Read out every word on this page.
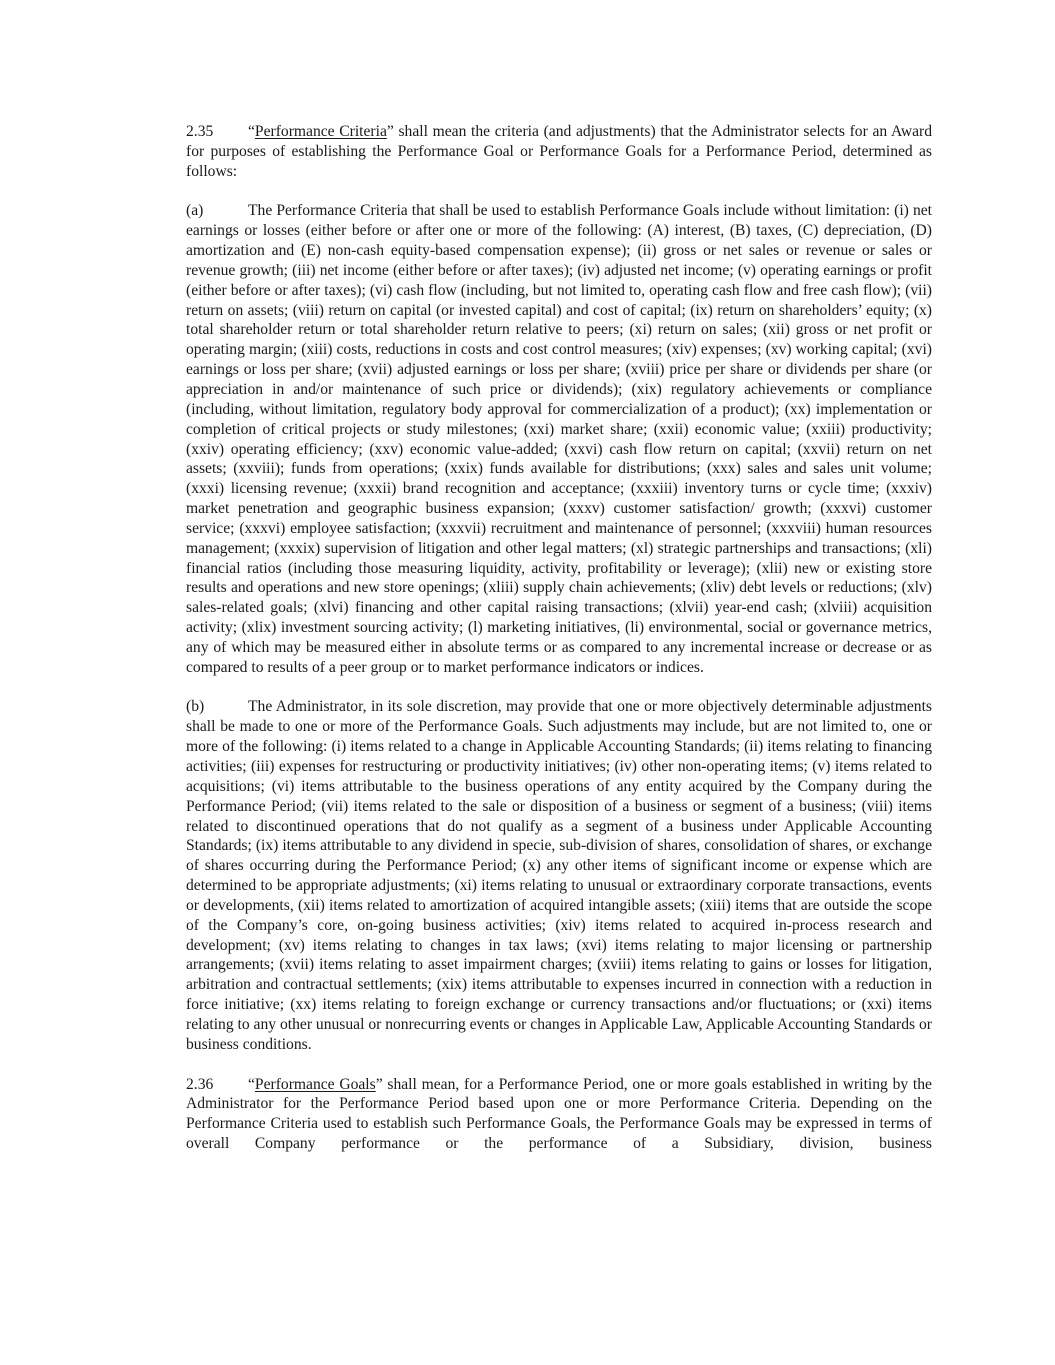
2.35 “Performance Criteria” shall mean the criteria (and adjustments) that the Administrator selects for an Award for purposes of establishing the Performance Goal or Performance Goals for a Performance Period, determined as follows:

(a)	The Performance Criteria that shall be used to establish Performance Goals include without limitation: (i) net earnings or losses (either before or after one or more of the following: (A) interest, (B) taxes, (C) depreciation, (D) amortization and (E) non-cash equity-based compensation expense); (ii) gross or net sales or revenue or sales or revenue growth; (iii) net income (either before or after taxes); (iv) adjusted net income; (v) operating earnings or profit (either before or after taxes); (vi) cash flow (including, but not limited to, operating cash flow and free cash flow); (vii) return on assets; (viii) return on capital (or invested capital) and cost of capital; (ix) return on shareholders’ equity; (x) total shareholder return or total shareholder return relative to peers; (xi) return on sales; (xii) gross or net profit or operating margin; (xiii) costs, reductions in costs and cost control measures; (xiv) expenses; (xv) working capital; (xvi) earnings or loss per share; (xvii) adjusted earnings or loss per share; (xviii) price per share or dividends per share (or appreciation in and/or maintenance of such price or dividends); (xix) regulatory achievements or compliance (including, without limitation, regulatory body approval for commercialization of a product); (xx) implementation or completion of critical projects or study milestones; (xxi) market share; (xxii) economic value; (xxiii) productivity; (xxiv) operating efficiency; (xxv) economic value-added; (xxvi) cash flow return on capital; (xxvii) return on net assets; (xxviii); funds from operations; (xxix) funds available for distributions; (xxx) sales and sales unit volume; (xxxi) licensing revenue; (xxxii) brand recognition and acceptance; (xxxiii) inventory turns or cycle time; (xxxiv) market penetration and geographic business expansion; (xxxv) customer satisfaction/ growth; (xxxvi) customer service; (xxxvi) employee satisfaction; (xxxvii) recruitment and maintenance of personnel; (xxxviii) human resources management; (xxxix) supervision of litigation and other legal matters; (xl) strategic partnerships and transactions; (xli) financial ratios (including those measuring liquidity, activity, profitability or leverage); (xlii) new or existing store results and operations and new store openings; (xliii) supply chain achievements; (xliv) debt levels or reductions; (xlv) sales-related goals; (xlvi) financing and other capital raising transactions; (xlvii) year-end cash; (xlviii) acquisition activity; (xlix) investment sourcing activity; (l) marketing initiatives, (li) environmental, social or governance metrics, any of which may be measured either in absolute terms or as compared to any incremental increase or decrease or as compared to results of a peer group or to market performance indicators or indices.

(b)	The Administrator, in its sole discretion, may provide that one or more objectively determinable adjustments shall be made to one or more of the Performance Goals. Such adjustments may include, but are not limited to, one or more of the following: (i) items related to a change in Applicable Accounting Standards; (ii) items relating to financing activities; (iii) expenses for restructuring or productivity initiatives; (iv) other non-operating items; (v) items related to acquisitions; (vi) items attributable to the business operations of any entity acquired by the Company during the Performance Period; (vii) items related to the sale or disposition of a business or segment of a business; (viii) items related to discontinued operations that do not qualify as a segment of a business under Applicable Accounting Standards; (ix) items attributable to any dividend in specie, sub-division of shares, consolidation of shares, or exchange of shares occurring during the Performance Period; (x) any other items of significant income or expense which are determined to be appropriate adjustments; (xi) items relating to unusual or extraordinary corporate transactions, events or developments, (xii) items related to amortization of acquired intangible assets; (xiii) items that are outside the scope of the Company’s core, on-going business activities; (xiv) items related to acquired in-process research and development; (xv) items relating to changes in tax laws; (xvi) items relating to major licensing or partnership arrangements; (xvii) items relating to asset impairment charges; (xviii) items relating to gains or losses for litigation, arbitration and contractual settlements; (xix) items attributable to expenses incurred in connection with a reduction in force initiative; (xx) items relating to foreign exchange or currency transactions and/or fluctuations; or (xxi) items relating to any other unusual or nonrecurring events or changes in Applicable Law, Applicable Accounting Standards or business conditions.

2.36 “Performance Goals” shall mean, for a Performance Period, one or more goals established in writing by the Administrator for the Performance Period based upon one or more Performance Criteria. Depending on the Performance Criteria used to establish such Performance Goals, the Performance Goals may be expressed in terms of overall Company performance or the performance of a Subsidiary, division, business
